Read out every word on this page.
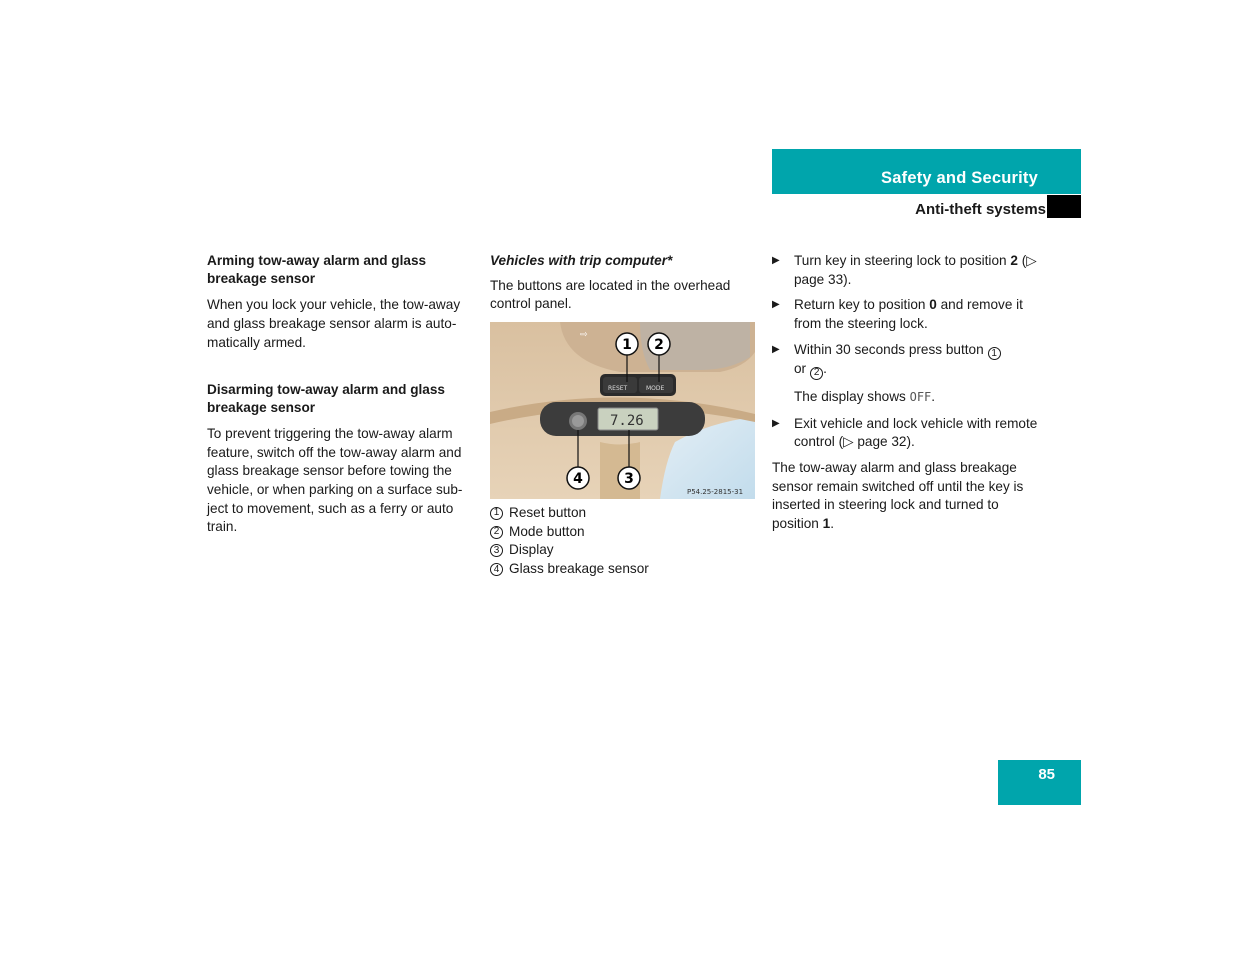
Safety and Security
Anti-theft systems
Arming tow-away alarm and glass breakage sensor

When you lock your vehicle, the tow-away and glass breakage sensor alarm is auto-matically armed.

Disarming tow-away alarm and glass breakage sensor

To prevent triggering the tow-away alarm feature, switch off the tow-away alarm and glass breakage sensor before towing the vehicle, or when parking on a surface sub-ject to movement, such as a ferry or auto train.

Vehicles with trip computer*

The buttons are located in the overhead control panel.

⇨
RESET	MODE
7.26
1 2
3
4
P54.25-2815-31
1 Reset button
2 Mode button
3 Display
4 Glass breakage sensor
▶ Turn key in steering lock to position 2 (▷ page 33).
▶ Return key to position 0 and remove it from the steering lock.
▶ Within 30 seconds press button 1
or 2 .
The display shows OFF.
▶ Exit vehicle and lock vehicle with remote control (▷ page 32).

The tow-away alarm and glass breakage sensor remain switched off until the key is inserted in steering lock and turned to position 1.

85
